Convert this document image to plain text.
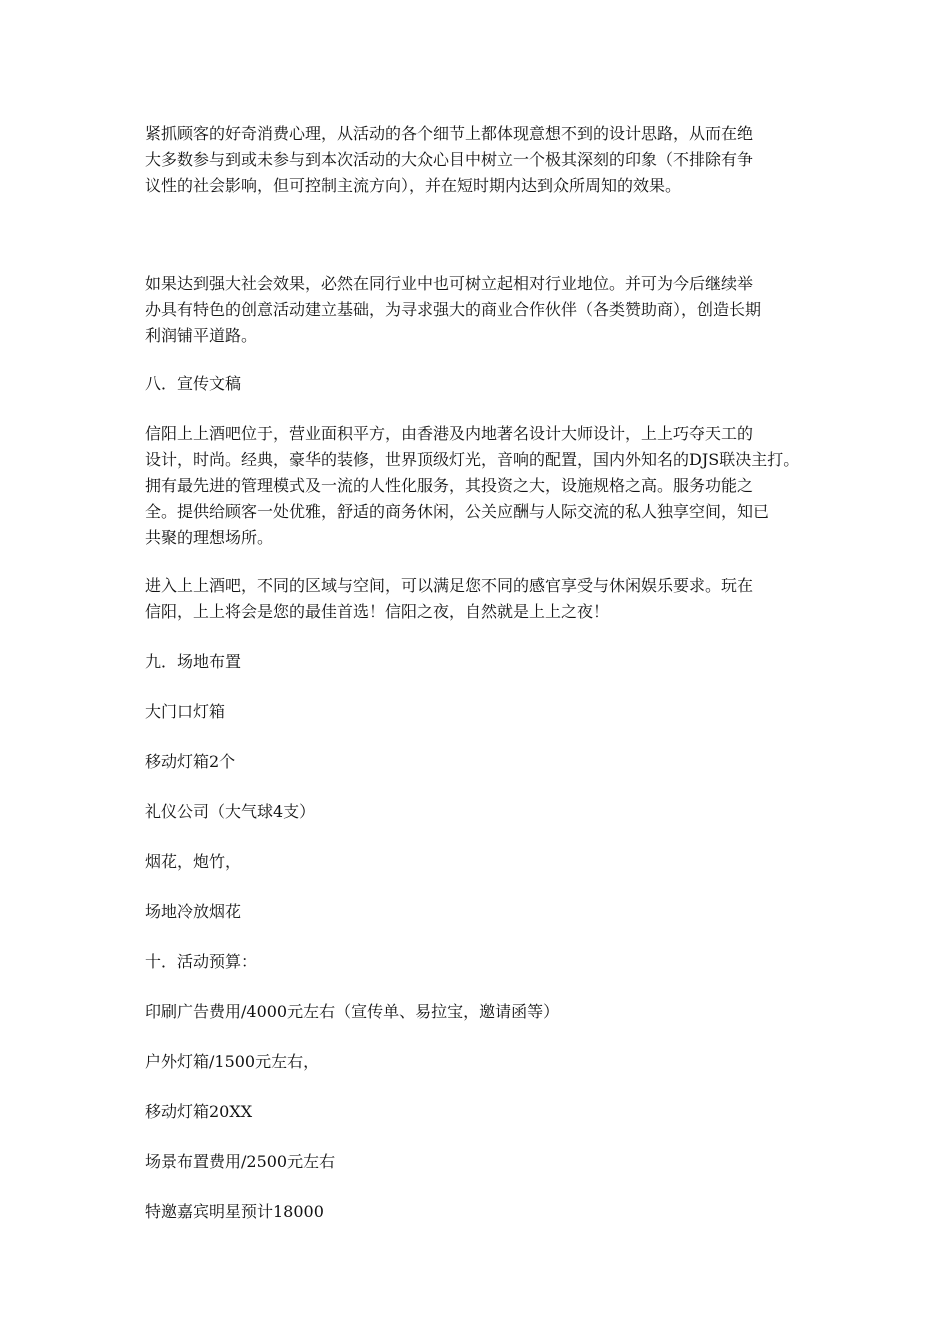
紧抓顾客的好奇消费心理，从活动的各个细节上都体现意想不到的设计思路，从而在绝
大多数参与到或未参与到本次活动的大众心目中树立一个极其深刻的印象（不排除有争
议性的社会影响，但可控制主流方向），并在短时期内达到众所周知的效果。
如果达到强大社会效果，必然在同行业中也可树立起相对行业地位。并可为今后继续举
办具有特色的创意活动建立基础，为寻求强大的商业合作伙伴（各类赞助商），创造长期
利润铺平道路。
八．宣传文稿
信阳上上酒吧位于，营业面积平方，由香港及内地著名设计大师设计，上上巧夺天工的
设计，时尚。经典，豪华的装修，世界顶级灯光，音响的配置，国内外知名的DJS联决主打。
拥有最先进的管理模式及一流的人性化服务，其投资之大，设施规格之高。服务功能之
全。提供给顾客一处优雅，舒适的商务休闲，公关应酬与人际交流的私人独享空间，知已
共聚的理想场所。
进入上上酒吧，不同的区域与空间，可以满足您不同的感官享受与休闲娱乐要求。玩在
信阳，上上将会是您的最佳首选！信阳之夜，自然就是上上之夜！
九．场地布置
大门口灯箱
移动灯箱2个
礼仪公司（大气球4支）
烟花，炮竹，
场地冷放烟花
十．活动预算：
印刷广告费用/4000元左右（宣传单、易拉宝，邀请函等）
户外灯箱/1500元左右，
移动灯箱20XX
场景布置费用/2500元左右
特邀嘉宾明星预计18000
